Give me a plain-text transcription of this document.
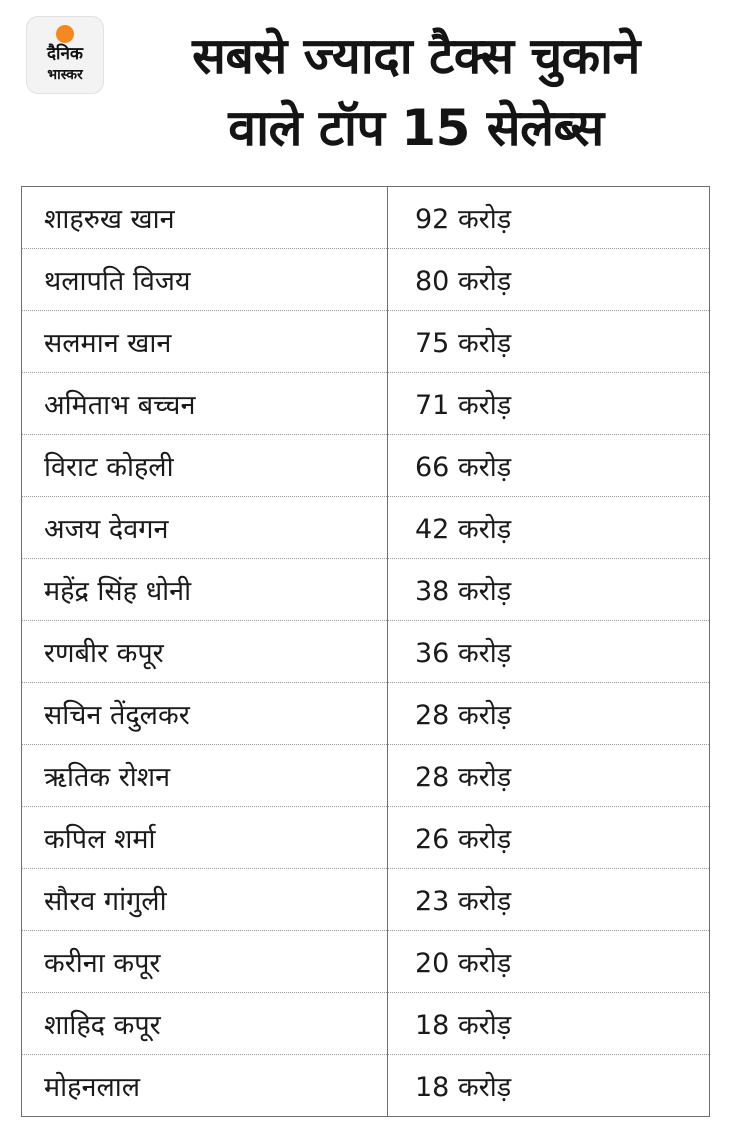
दैनिक
भास्कर	सबसे ज्यादा टैक्स चुकाने
वाले टॉप 15 सेलेब्स
शाहरुख खान	92 करोड़
थलापति विजय	80 करोड़
सलमान खान	75 करोड़
अमिताभ बच्चन	71 करोड़
विराट कोहली	66 करोड़
अजय देवगन	42 करोड़
महेंद्र सिंह धोनी	38 करोड़
रणबीर कपूर	36 करोड़
सचिन तेंदुलकर	28 करोड़
ऋतिक रोशन	28 करोड़
कपिल शर्मा	26 करोड़
सौरव गांगुली	23 करोड़
करीना कपूर	20 करोड़
शाहिद कपूर	18 करोड़
मोहनलाल	18 करोड़
